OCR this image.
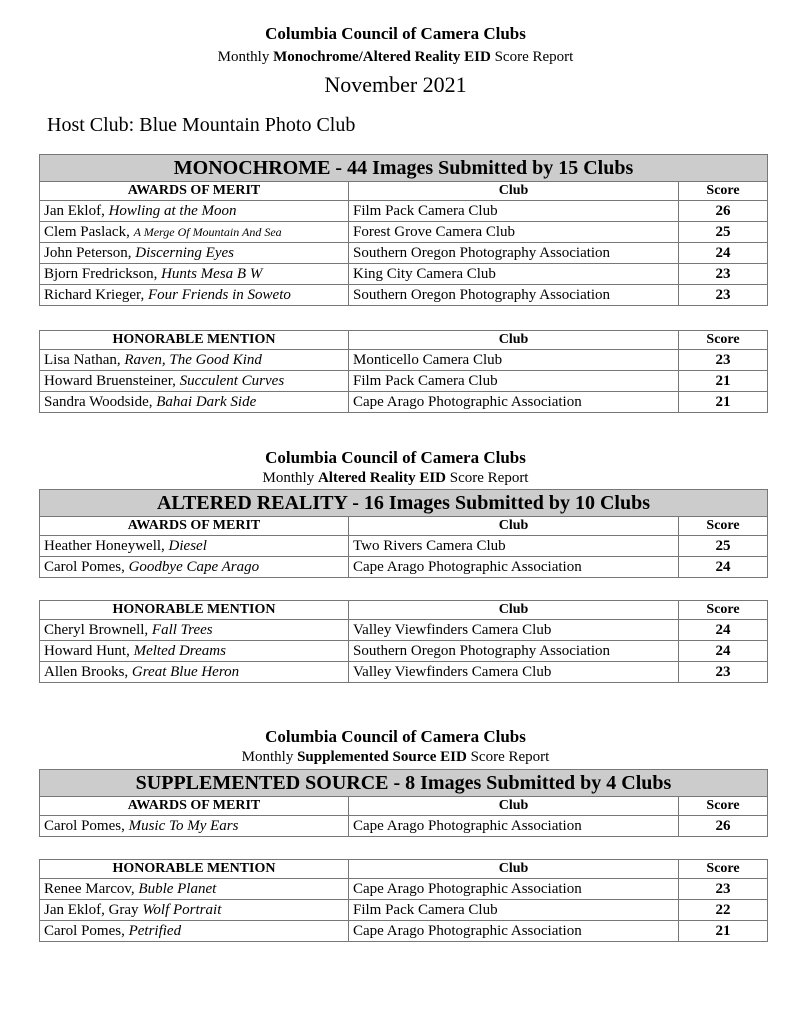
Columbia Council of Camera Clubs
Monthly Monochrome/Altered Reality EID Score Report
November 2021
Host Club: Blue Mountain Photo Club
MONOCHROME - 44 Images Submitted by 15 Clubs		
AWARDS OF MERIT	Club	Score
Jan Eklof, Howling at the Moon	Film Pack Camera Club	26
Clem Paslack, A Merge Of Mountain And Sea	Forest Grove Camera Club	25
John Peterson, Discerning Eyes	Southern Oregon Photography Association	24
Bjorn Fredrickson, Hunts Mesa B W	King City Camera Club	23
Richard Krieger, Four Friends in Soweto	Southern Oregon Photography Association	23
HONORABLE MENTION	Club	Score
Lisa Nathan, Raven, The Good Kind	Monticello Camera Club	23
Howard Bruensteiner, Succulent Curves	Film Pack Camera Club	21
Sandra Woodside, Bahai Dark Side	Cape Arago Photographic Association	21
Columbia Council of Camera Clubs
Monthly Altered Reality EID Score Report
ALTERED REALITY - 16 Images Submitted by 10 Clubs		
AWARDS OF MERIT	Club	Score
Heather Honeywell, Diesel	Two Rivers Camera Club	25
Carol Pomes, Goodbye Cape Arago	Cape Arago Photographic Association	24
HONORABLE MENTION	Club	Score
Cheryl Brownell, Fall Trees	Valley Viewfinders Camera Club	24
Howard Hunt, Melted Dreams	Southern Oregon Photography Association	24
Allen Brooks, Great Blue Heron	Valley Viewfinders Camera Club	23
Columbia Council of Camera Clubs
Monthly Supplemented Source EID Score Report
SUPPLEMENTED SOURCE - 8 Images Submitted by 4 Clubs		
AWARDS OF MERIT	Club	Score
Carol Pomes, Music To My Ears	Cape Arago Photographic Association	26
HONORABLE MENTION	Club	Score
Renee Marcov, Buble Planet	Cape Arago Photographic Association	23
Jan Eklof, Gray Wolf Portrait	Film Pack Camera Club	22
Carol Pomes, Petrified	Cape Arago Photographic Association	21
